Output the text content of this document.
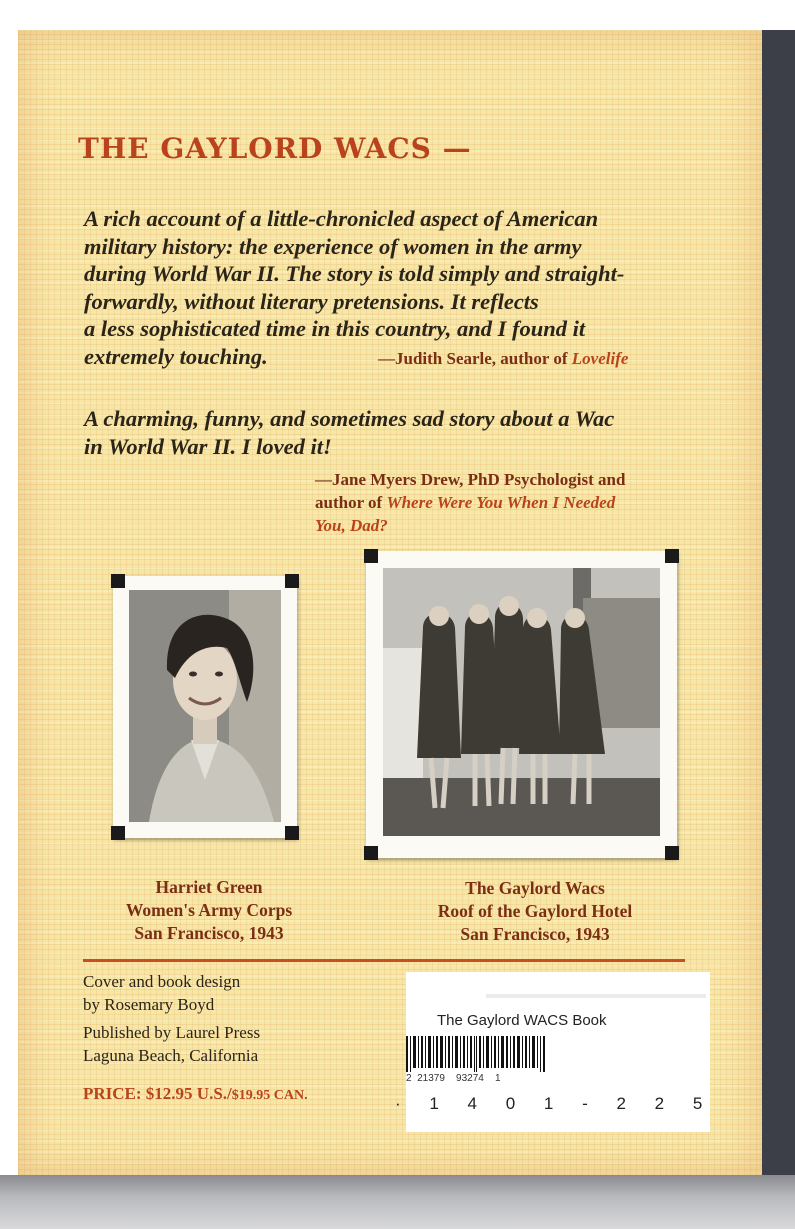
THE GAYLORD WACS —
A rich account of a little-chronicled aspect of American
military history: the experience of women in the army
during World War II. The story is told simply and straight-
forwardly, without literary pretensions. It reflects
a less sophisticated time in this country, and I found it
extremely touching.	—Judith Searle, author of Lovelife
A charming, funny, and sometimes sad story about a Wac
in World War II. I loved it!
—Jane Myers Drew, PhD Psychologist and
author of Where Were You When I Needed
You, Dad?
Harriet Green
Women's Army Corps
San Francisco, 1943
The Gaylord Wacs
Roof of the Gaylord Hotel
San Francisco, 1943
Cover and book design
by Rosemary Boyd
Published by Laurel Press
Laguna Beach, California
PRICE: $12.95 U.S./$19.95 CAN.
The Gaylord WACS Book
2  21379    93274    1
· 1 4 0 1 - 2 2 5
